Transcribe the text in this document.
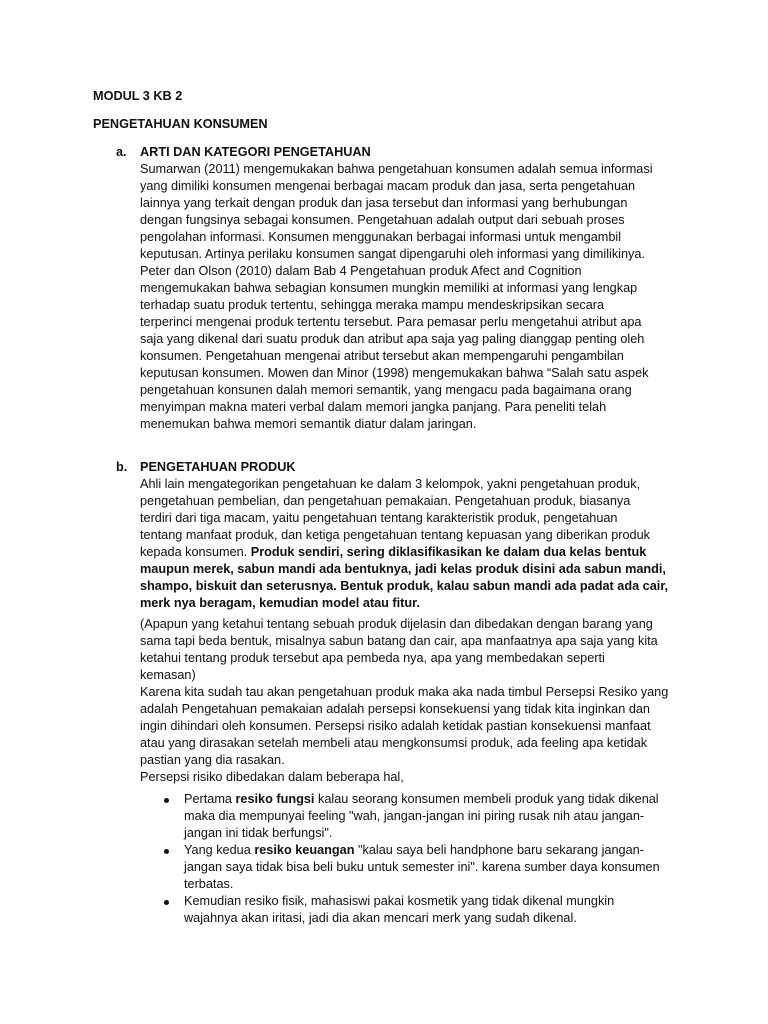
MODUL 3 KB 2
PENGETAHUAN KONSUMEN
a. ARTI DAN KATEGORI PENGETAHUAN
Sumarwan (2011) mengemukakan bahwa pengetahuan konsumen adalah semua informasi
yang dimiliki konsumen mengenai berbagai macam produk dan jasa, serta pengetahuan
lainnya yang terkait dengan produk dan jasa tersebut dan informasi yang berhubungan
dengan fungsinya sebagai konsumen. Pengetahuan adalah output dari sebuah proses
pengolahan informasi. Konsumen menggunakan berbagai informasi untuk mengambil
keputusan. Artinya perilaku konsumen sangat dipengaruhi oleh informasi yang dimilikinya.
Peter dan Olson (2010) dalam Bab 4 Pengetahuan produk Afect and Cognition
mengemukakan bahwa sebagian konsumen mungkin memiliki at informasi yang lengkap
terhadap suatu produk tertentu, sehingga meraka mampu mendeskripsikan secara
terperinci mengenai produk tertentu tersebut. Para pemasar perlu mengetahui atribut apa
saja yang dikenal dari suatu produk dan atribut apa saja yag paling dianggap penting oleh
konsumen. Pengetahuan mengenai atribut tersebut akan mempengaruhi pengambilan
keputusan konsumen. Mowen dan Minor (1998) mengemukakan bahwa “Salah satu aspek
pengetahuan konsunen dalah memori semantik, yang mengacu pada bagaimana orang
menyimpan makna materi verbal dalam memori jangka panjang. Para peneliti telah
menemukan bahwa memori semantik diatur dalam jaringan.
b. PENGETAHUAN PRODUK
Ahli lain mengategorikan pengetahuan ke dalam 3 kelompok, yakni pengetahuan produk,
pengetahuan pembelian, dan pengetahuan pemakaian. Pengetahuan produk, biasanya
terdiri dari tiga macam, yaitu pengetahuan tentang karakteristik produk, pengetahuan
tentang manfaat produk, dan ketiga pengetahuan tentang kepuasan yang diberikan produk
kepada konsumen. Produk sendiri, sering diklasifikasikan ke dalam dua kelas bentuk
maupun merek, sabun mandi ada bentuknya, jadi kelas produk disini ada sabun mandi,
shampo, biskuit dan seterusnya. Bentuk produk, kalau sabun mandi ada padat ada cair,
merk nya beragam, kemudian model atau fitur.
(Apapun yang ketahui tentang sebuah produk dijelasin dan dibedakan dengan barang yang
sama tapi beda bentuk, misalnya sabun batang dan cair, apa manfaatnya apa saja yang kita
ketahui tentang produk tersebut apa pembeda nya, apa yang membedakan seperti
kemasan)
Karena kita sudah tau akan pengetahuan produk maka aka nada timbul Persepsi Resiko yang
adalah Pengetahuan pemakaian adalah persepsi konsekuensi yang tidak kita inginkan dan
ingin dihindari oleh konsumen. Persepsi risiko adalah ketidak pastian konsekuensi manfaat
atau yang dirasakan setelah membeli atau mengkonsumsi produk, ada feeling apa ketidak
pastian yang dia rasakan.
Persepsi risiko dibedakan dalam beberapa hal,
Pertama resiko fungsi kalau seorang konsumen membeli produk yang tidak dikenal
maka dia mempunyai feeling "wah, jangan-jangan ini piring rusak nih atau jangan-
jangan ini tidak berfungsi".
Yang kedua resiko keuangan "kalau saya beli handphone baru sekarang jangan-
jangan saya tidak bisa beli buku untuk semester ini". karena sumber daya konsumen
terbatas.
Kemudian resiko fisik, mahasiswi pakai kosmetik yang tidak dikenal mungkin
wajahnya akan iritasi, jadi dia akan mencari merk yang sudah dikenal.
